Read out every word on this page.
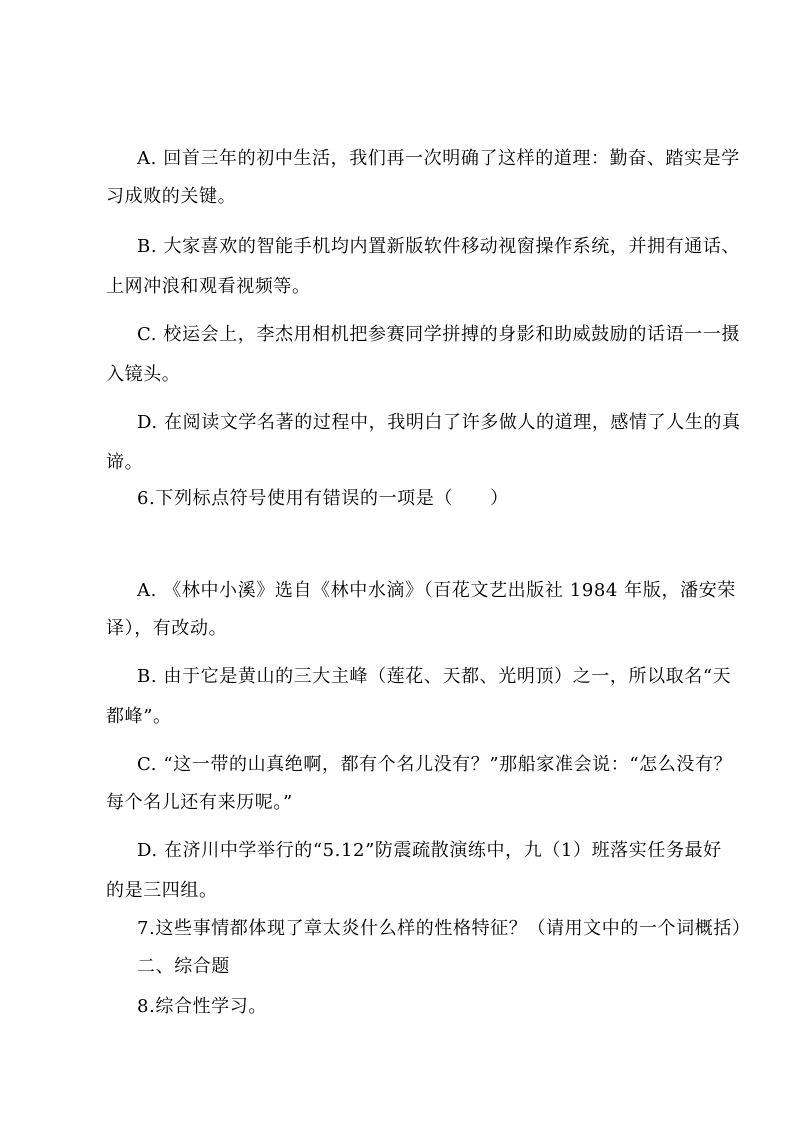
A. 回首三年的初中生活，我们再一次明确了这样的道理：勤奋、踏实是学
习成败的关键。
B. 大家喜欢的智能手机均内置新版软件移动视窗操作系统，并拥有通话、
上网冲浪和观看视频等。
C. 校运会上，李杰用相机把参赛同学拼搏的身影和助威鼓励的话语一一摄
入镜头。
D. 在阅读文学名著的过程中，我明白了许多做人的道理，感情了人生的真
谛。
6.下列标点符号使用有错误的一项是（　　）
A. 《林中小溪》选自《林中水滴》（百花文艺出版社 1984 年版，潘安荣
译），有改动。
B. 由于它是黄山的三大主峰（莲花、天都、光明顶）之一，所以取名“天
都峰”。
C. “这一带的山真绝啊，都有个名儿没有？”那船家准会说：“怎么没有？
每个名儿还有来历呢。”
D. 在济川中学举行的“5.12”防震疏散演练中，九（1）班落实任务最好
的是三四组。
7.这些事情都体现了章太炎什么样的性格特征？（请用文中的一个词概括）
二、综合题
8.综合性学习。
